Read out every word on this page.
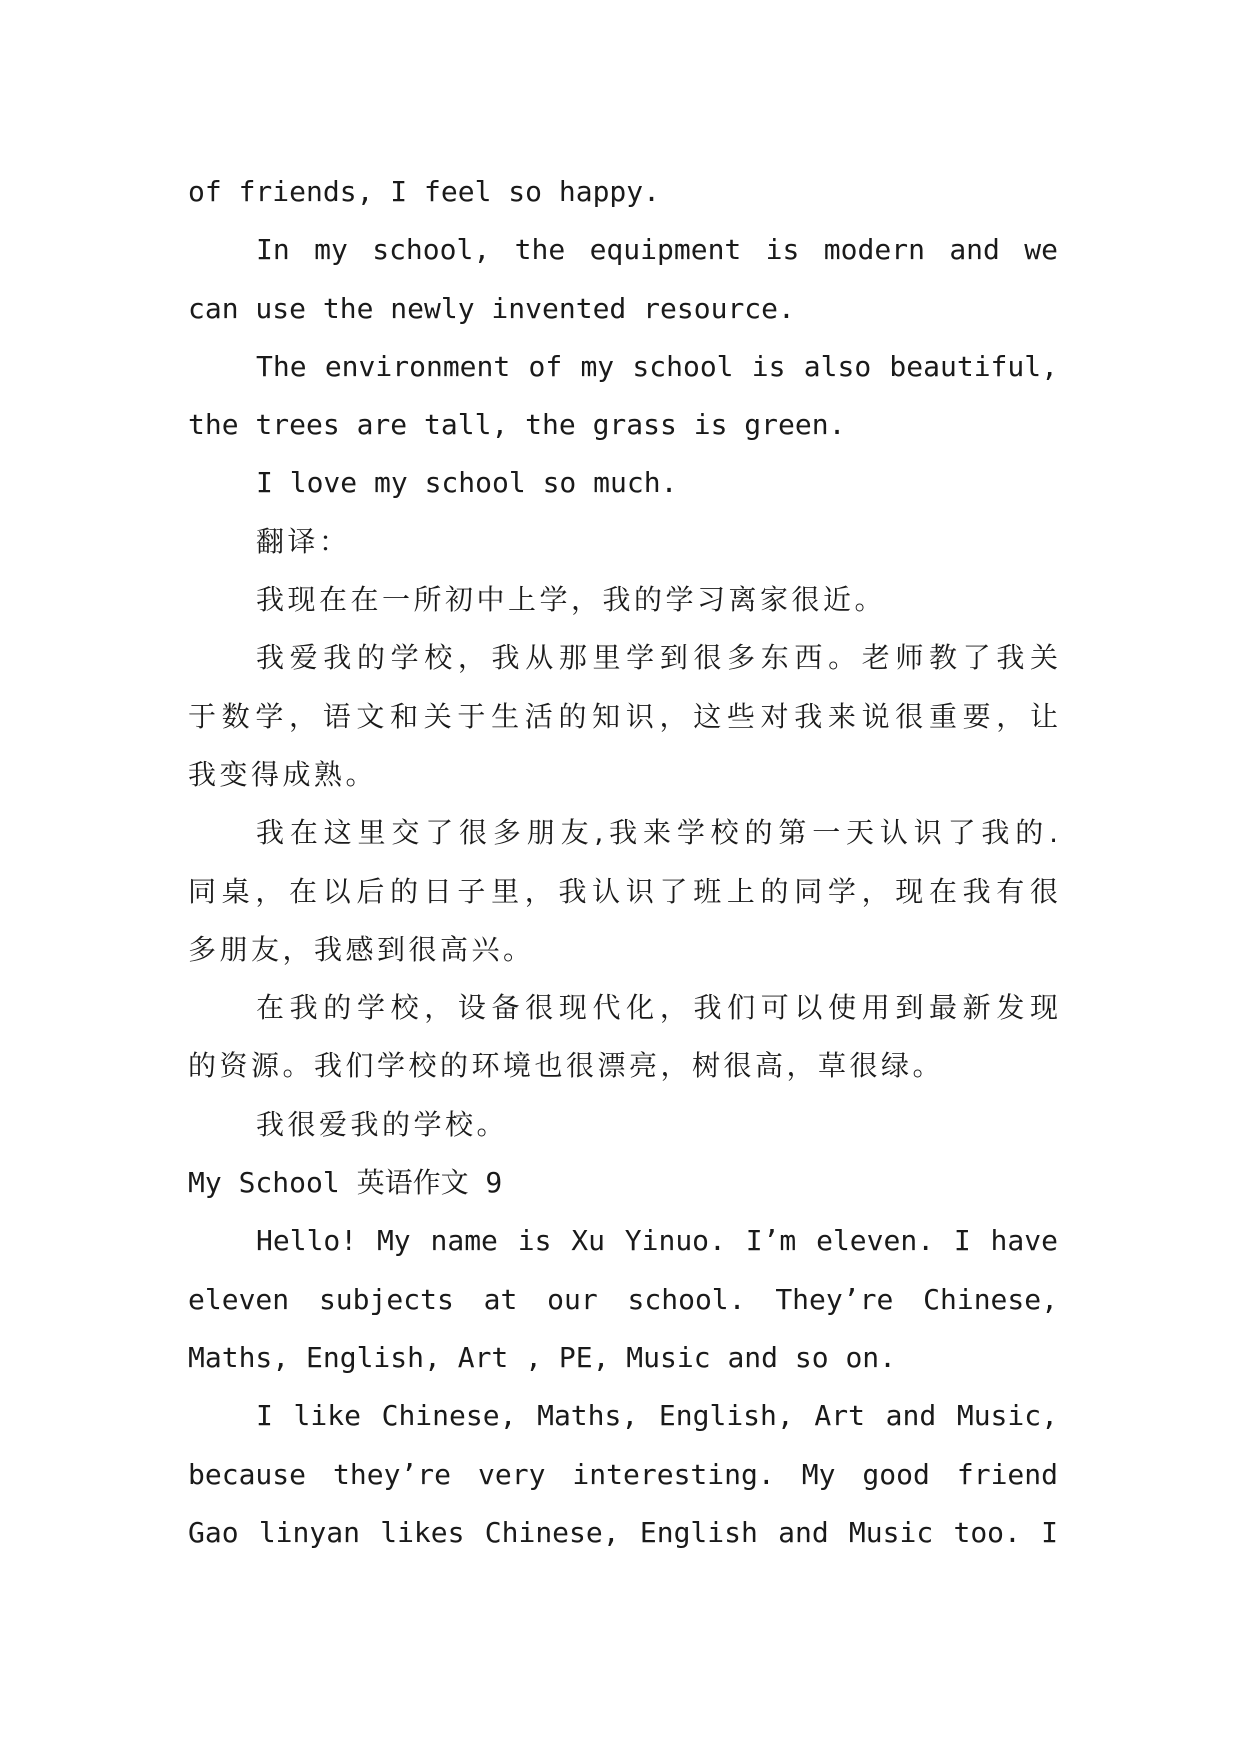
of friends, I feel so happy.
In my school, the equipment is modern and we
can use the newly invented resource.
The environment of my school is also beautiful,
the trees are tall, the grass is green.
I love my school so much.
翻译：
我现在在一所初中上学，我的学习离家很近。
我爱我的学校，我从那里学到很多东西。老师教了我关
于数学，语文和关于生活的知识，这些对我来说很重要，让
我变得成熟。
我在这里交了很多朋友,我来学校的第一天认识了我的.
同桌，在以后的日子里，我认识了班上的同学，现在我有很
多朋友，我感到很高兴。
在我的学校，设备很现代化，我们可以使用到最新发现
的资源。我们学校的环境也很漂亮，树很高，草很绿。
我很爱我的学校。
My School 英语作文 9
Hello! My name is Xu Yinuo. I’m eleven. I have
eleven subjects at our school. They’re Chinese,
Maths, English, Art , PE, Music and so on.
I like Chinese, Maths, English, Art and Music,
because they’re very interesting. My good friend
Gao linyan likes Chinese, English and Music too. I
